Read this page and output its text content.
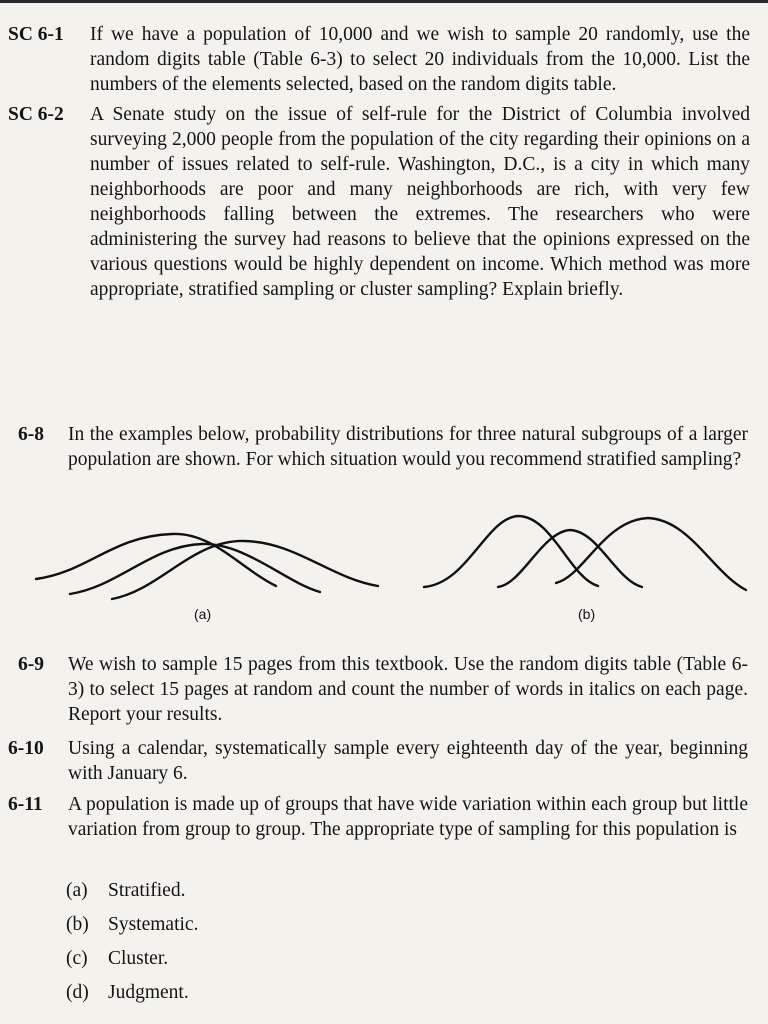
SC 6-1 If we have a population of 10,000 and we wish to sample 20 randomly, use the random digits table (Table 6-3) to select 20 individuals from the 10,000. List the numbers of the elements selected, based on the random digits table.
SC 6-2 A Senate study on the issue of self-rule for the District of Columbia involved surveying 2,000 people from the population of the city regarding their opinions on a number of issues related to self-rule. Washington, D.C., is a city in which many neighborhoods are poor and many neighborhoods are rich, with very few neighborhoods falling between the extremes. The researchers who were administering the survey had reasons to believe that the opinions expressed on the various questions would be highly dependent on income. Which method was more appropriate, stratified sampling or cluster sampling? Explain briefly.
6-8 In the examples below, probability distributions for three natural subgroups of a larger population are shown. For which situation would you recommend stratified sampling?
(a)	(b)
6-9 We wish to sample 15 pages from this textbook. Use the random digits table (Table 6-3) to select 15 pages at random and count the number of words in italics on each page. Report your results.
6-10 Using a calendar, systematically sample every eighteenth day of the year, beginning with January 6.
6-11 A population is made up of groups that have wide variation within each group but little variation from group to group. The appropriate type of sampling for this population is
(a) Stratified.
(b) Systematic.
(c) Cluster.
(d) Judgment.
